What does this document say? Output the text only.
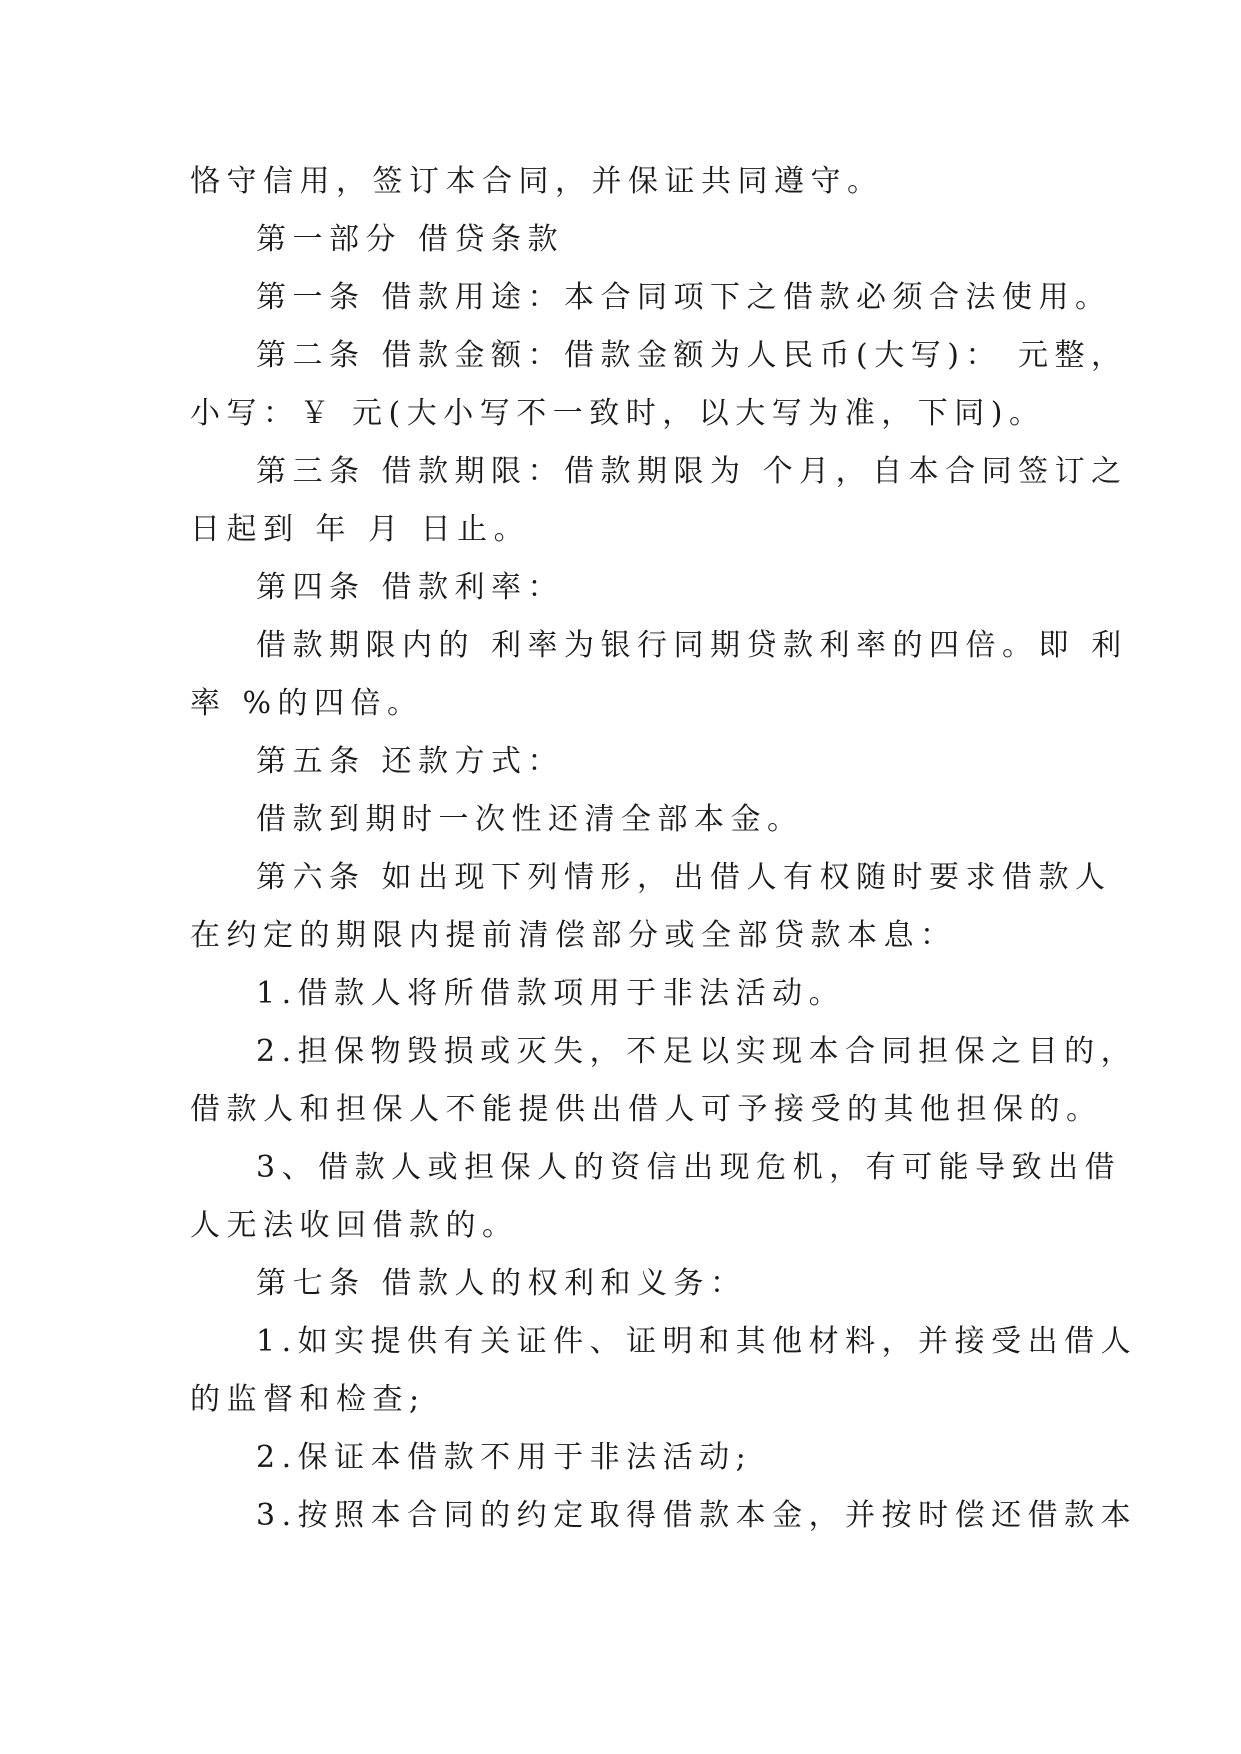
恪守信用，签订本合同，并保证共同遵守。

第一部分 借贷条款

第一条 借款用途：本合同项下之借款必须合法使用。

第二条 借款金额：借款金额为人民币(大写)： 元整，

小写：￥ 元(大小写不一致时，以大写为准，下同)。

第三条 借款期限：借款期限为 个月，自本合同签订之

日起到 年 月 日止。

第四条 借款利率：

借款期限内的 利率为银行同期贷款利率的四倍。即 利

率 %的四倍。

第五条 还款方式：

借款到期时一次性还清全部本金。

第六条 如出现下列情形，出借人有权随时要求借款人

在约定的期限内提前清偿部分或全部贷款本息：

1.借款人将所借款项用于非法活动。

2.担保物毁损或灭失，不足以实现本合同担保之目的，

借款人和担保人不能提供出借人可予接受的其他担保的。

3、借款人或担保人的资信出现危机，有可能导致出借

人无法收回借款的。

第七条 借款人的权利和义务：

1.如实提供有关证件、证明和其他材料，并接受出借人

的监督和检查;

2.保证本借款不用于非法活动;

3.按照本合同的约定取得借款本金，并按时偿还借款本
